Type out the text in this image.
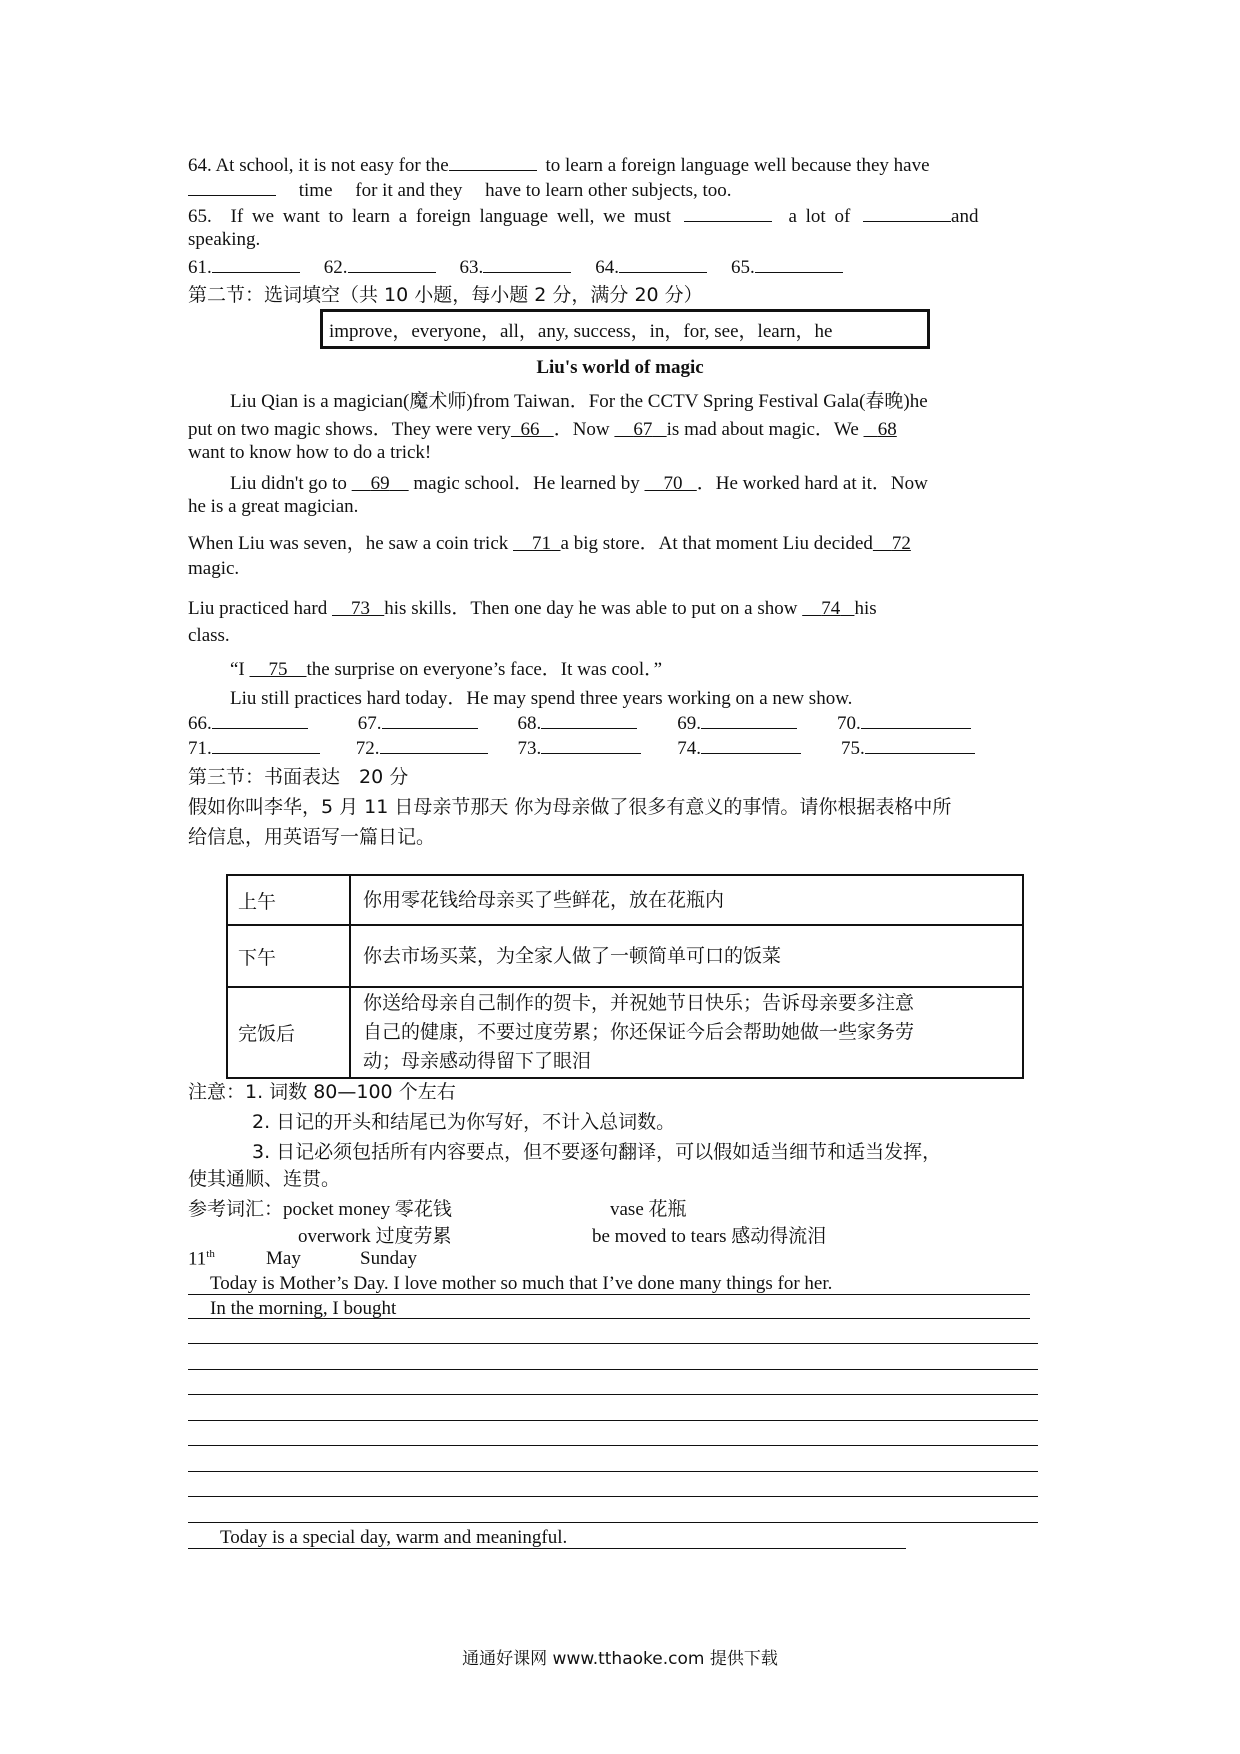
64. At school, it is not easy for the	to learn a foreign language well because they have
time for it and they have to learn other subjects, too.
65. If we want to learn a foreign language well, we must	a lot of	and
speaking.
61.	62.	63.	64.	65.
第二节：选词填空（共 10 小题，每小题 2 分，满分 20 分）
improve，everyone，all，any, success，in，for, see，learn，he
Liu's world of magic
Liu Qian is a magician(魔术师)from Taiwan．For the CCTV Spring Festival Gala(春晚)he
put on two magic shows．They were very 66 ．Now 67 is mad about magic．We 68
want to know how to do a trick!
Liu didn't go to 69 magic school．He learned by 70 ．He worked hard at it．Now
he is a great magician.
When Liu was seven，he saw a coin trick 71 a big store．At that moment Liu decided 72
magic.
Liu practiced hard 73 his skills．Then one day he was able to put on a show 74 his
class.
“I 75 the surprise on everyone’s face．It was cool．”
Liu still practices hard today．He may spend three years working on a new show.
66.	67.	68.	69.	70.
71.	72.	73.	74.	75.
第三节：书面表达　20 分
假如你叫李华，5 月 11 日母亲节那天 你为母亲做了很多有意义的事情。请你根据表格中所
给信息，用英语写一篇日记。
上午	你用零花钱给母亲买了些鲜花，放在花瓶内
下午	你去市场买菜，为全家人做了一顿简单可口的饭菜
完饭后	你送给母亲自己制作的贺卡，并祝她节日快乐；告诉母亲要多注意
自己的健康，不要过度劳累；你还保证今后会帮助她做一些家务劳
动；母亲感动得留下了眼泪
注意：1. 词数 80—100 个左右
2. 日记的开头和结尾已为你写好，不计入总词数。
3. 日记必须包括所有内容要点，但不要逐句翻译，可以假如适当细节和适当发挥，
使其通顺、连贯。
参考词汇：pocket money 零花钱	vase 花瓶
overwork 过度劳累	be moved to tears 感动得流泪
11th	May	Sunday
Today is Mother’s Day. I love mother so much that I’ve done many things for her.
In the morning, I bought
Today is a special day, warm and meaningful.
通通好课网 www.tthaoke.com 提供下载
